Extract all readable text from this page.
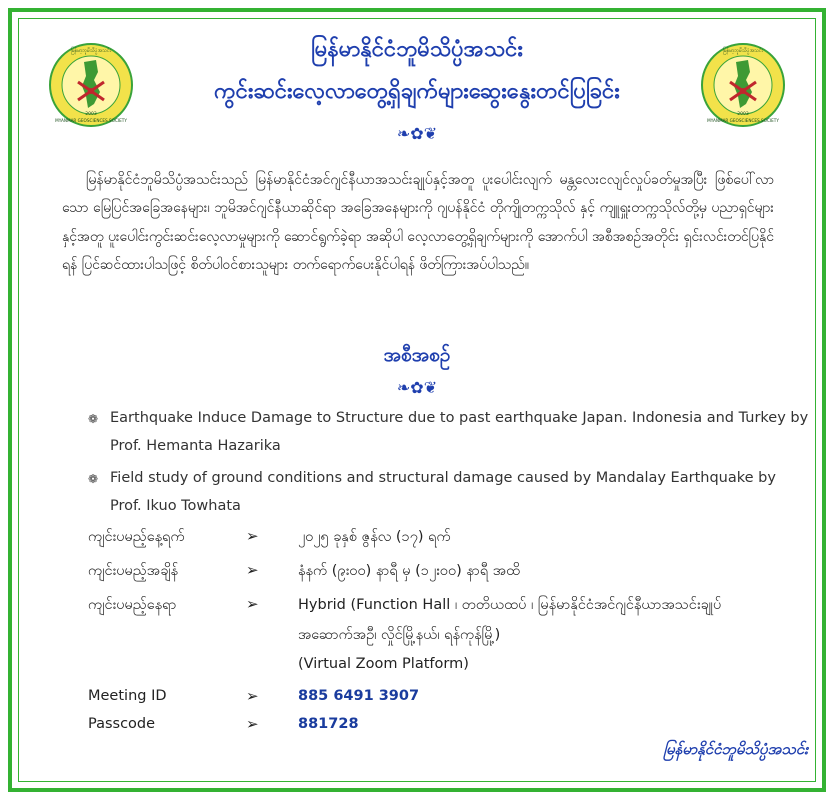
မြန်မာ့ဘူမိသိပ္ပံအသင်း
MYANMAR GEOSCIENCES SOCIETY
2003
မြန်မာ့ဘူမိသိပ္ပံအသင်း
MYANMAR GEOSCIENCES SOCIETY
2003
မြန်မာနိုင်ငံဘူမိသိပ္ပံအသင်း
ကွင်းဆင်းလေ့လာတွေ့ရှိချက်များဆွေးနွေးတင်ပြခြင်း
❧✿❦
မြန်မာနိုင်ငံဘူမိသိပ္ပံအသင်းသည် မြန်မာနိုင်ငံအင်ဂျင်နီယာအသင်းချုပ်နှင့်အတူ ပူးပေါင်းလျက် မန္တလေးငလျင်လှုပ်ခတ်မှုအပြီး ဖြစ်ပေါ်လာသော မြေပြင်အခြေအနေများ၊ ဘူမိအင်ဂျင်နီယာဆိုင်ရာ အခြေအနေများကို ဂျပန်နိုင်ငံ တိုကျိုတက္ကသိုလ် နှင့် ကျူရှူးတက္ကသိုလ်တို့မှ ပညာရှင်များ နှင့်အတူ ပူးပေါင်းကွင်းဆင်းလေ့လာမှုများကို ဆောင်ရွက်ခဲ့ရာ အဆိုပါ လေ့လာတွေ့ရှိချက်များကို အောက်ပါ အစီအစဉ်အတိုင်း ရှင်းလင်းတင်ပြနိုင်ရန် ပြင်ဆင်ထားပါသဖြင့် စိတ်ပါဝင်စားသူများ တက်ရောက်ပေးနိုင်ပါရန် ဖိတ်ကြားအပ်ပါသည်။
အစီအစဉ်
❧✿❦
❁ Earthquake Induce Damage to Structure due to past earthquake Japan. Indonesia and Turkey by Prof. Hemanta Hazarika
❁ Field study of ground conditions and structural damage caused by Mandalay Earthquake by Prof. Ikuo Towhata
ကျင်းပမည့်နေ့ရက်	➢	၂၀၂၅ ခုနှစ် ဇွန်လ (၁၇) ရက်
ကျင်းပမည့်အချိန်	➢	နံနက် (၉း၀၀) နာရီ မှ (၁၂း၀၀) နာရီ အထိ
ကျင်းပမည့်နေရာ	➢	Hybrid (Function Hall ၊ တတိယထပ် ၊ မြန်မာနိုင်ငံအင်ဂျင်နီယာအသင်းချုပ်
အဆောက်အဦ၊ လှိုင်မြို့နယ်၊ ရန်ကုန်မြို့)
(Virtual Zoom Platform)
Meeting ID	➢	885 6491 3907
Passcode	➢	881728
မြန်မာနိုင်ငံဘူမိသိပ္ပံအသင်း
